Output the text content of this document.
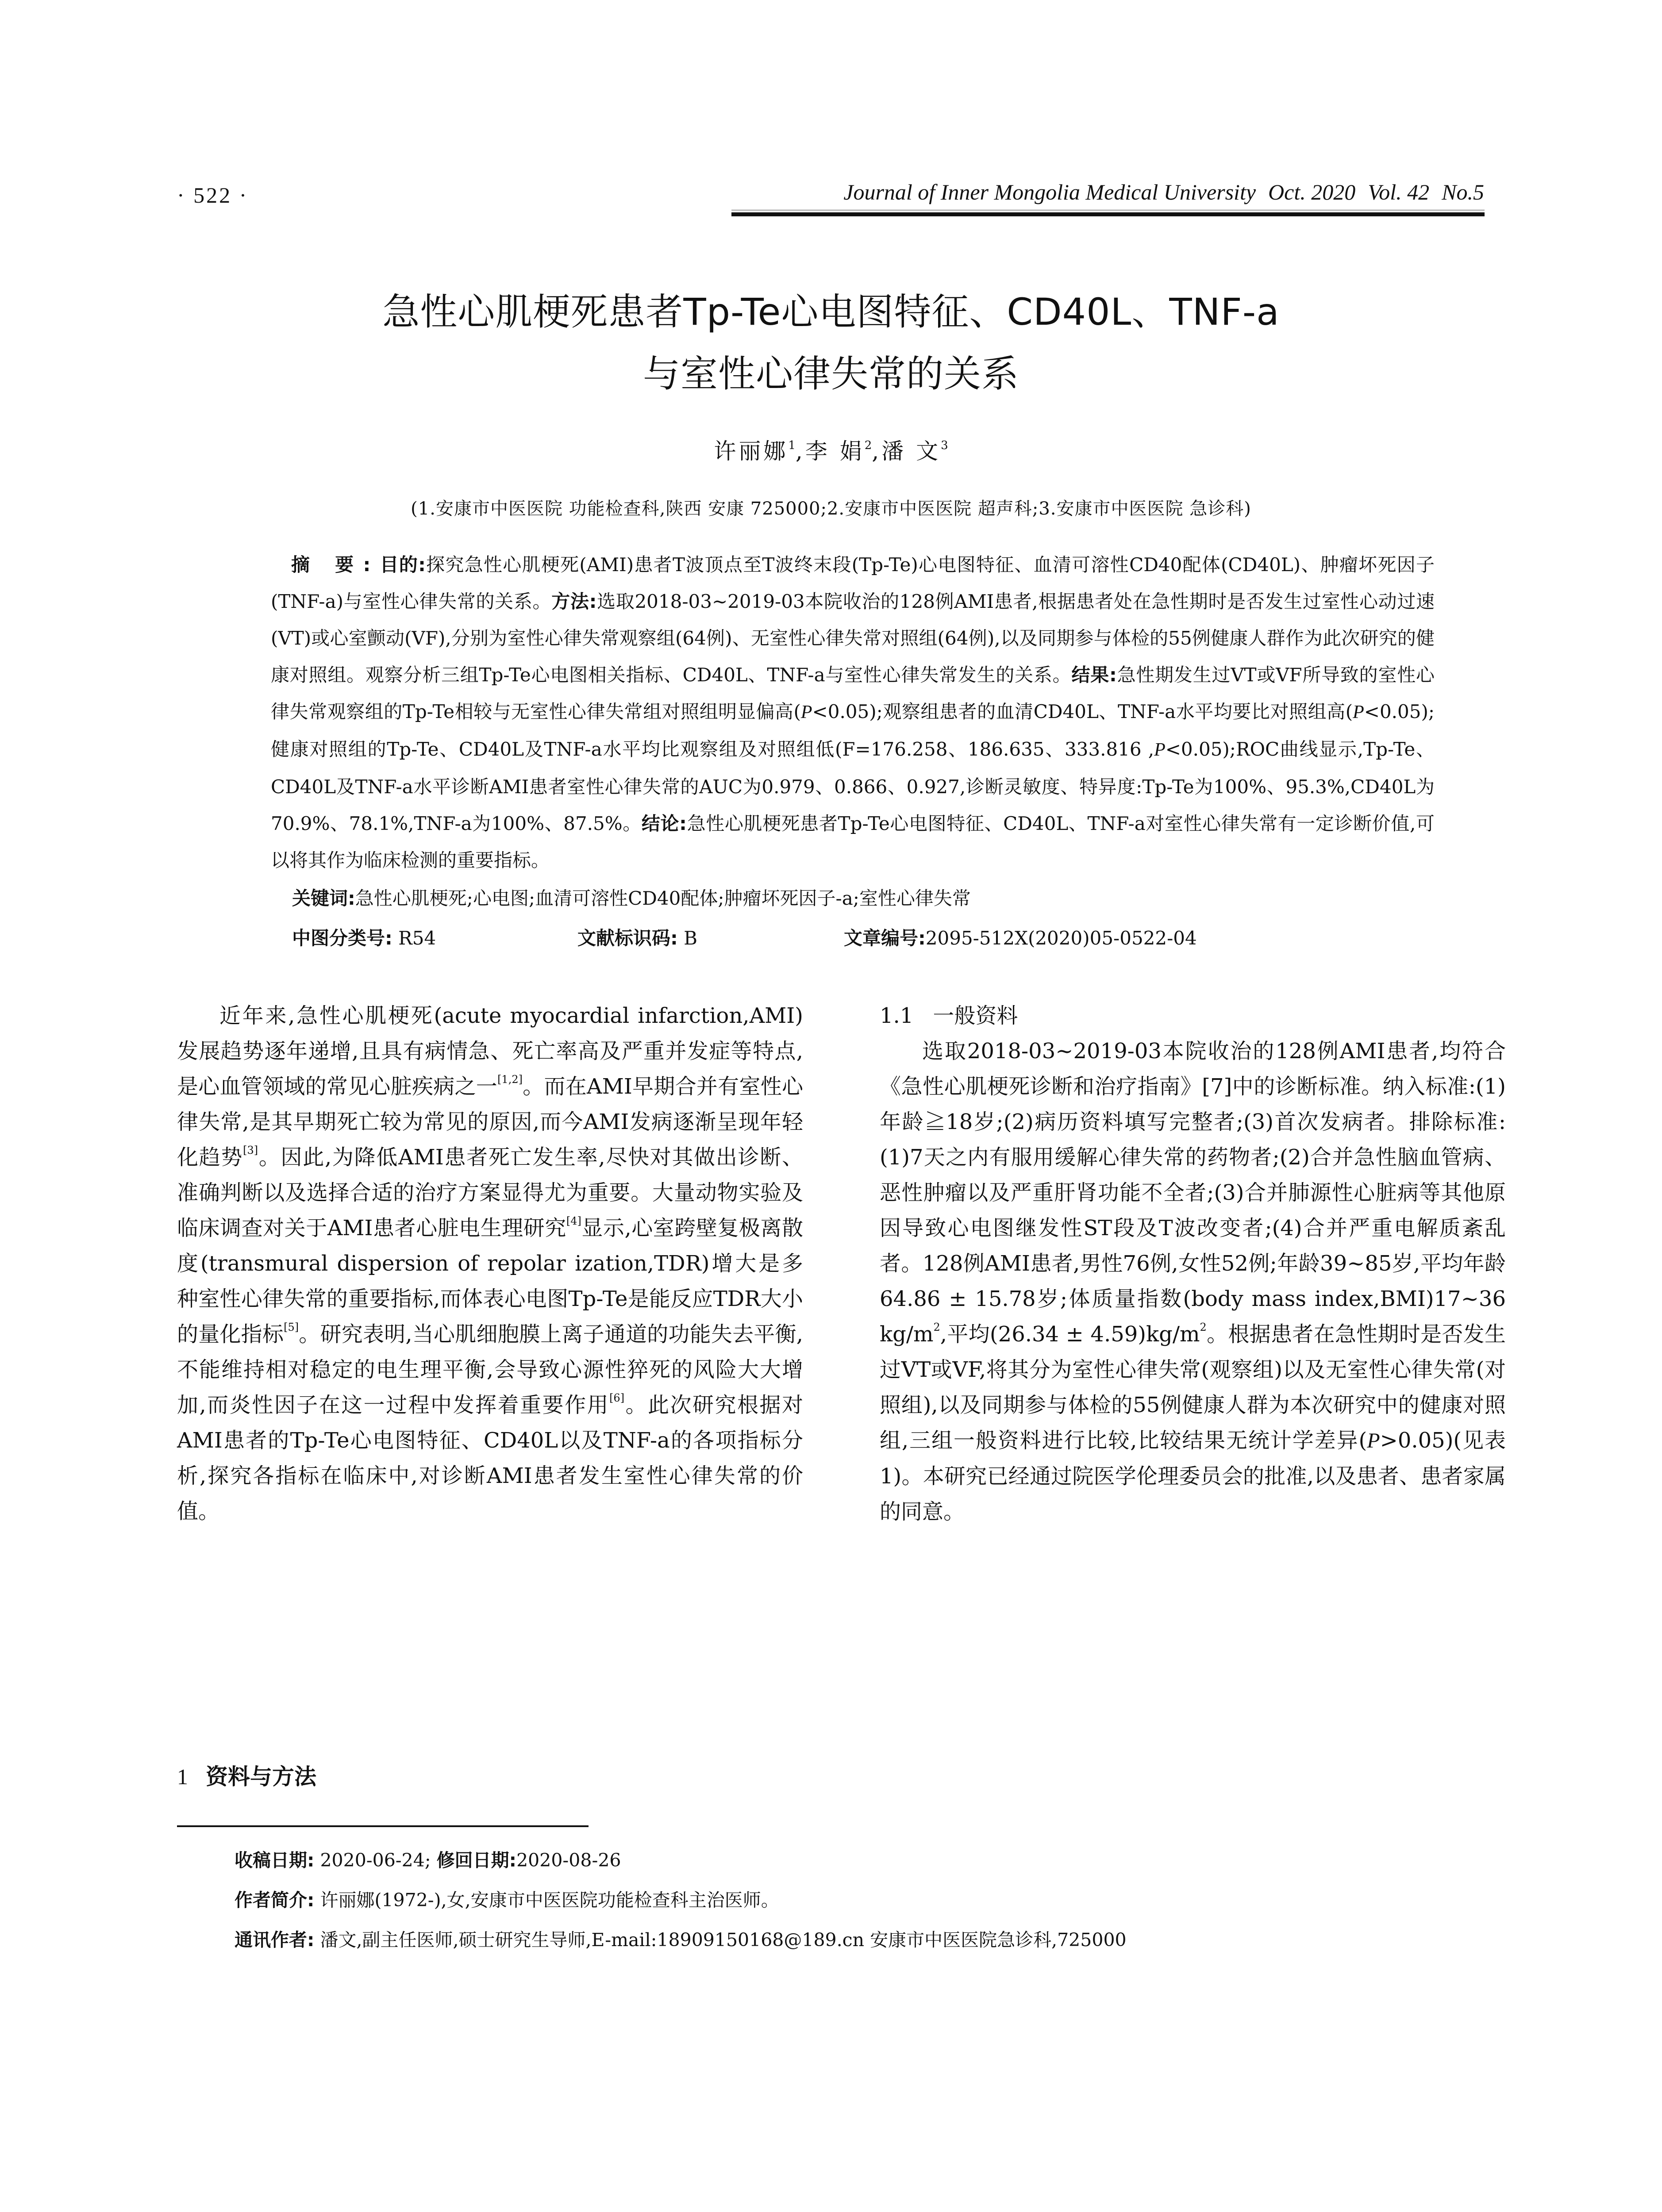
· 522 ·	Journal of Inner Mongolia Medical University Oct. 2020 Vol. 42 No.5
急性心肌梗死患者Tp-Te心电图特征、CD40L、TNF-a
与室性心律失常的关系
许丽娜$^1$,李 娟$^2$,潘 文$^3$
(1.安康市中医医院 功能检查科,陕西 安康 725000;2.安康市中医医院 超声科;3.安康市中医医院 急诊科)
摘 要:目的:探究急性心肌梗死(AMI)患者T波顶点至T波终末段(Tp-Te)心电图特征、血清可溶性CD40配体(CD40L)、肿瘤坏死因子(TNF-a)与室性心律失常的关系。方法:选取2018-03~2019-03本院收治的128例AMI患者,根据患者处在急性期时是否发生过室性心动过速(VT)或心室颤动(VF),分别为室性心律失常观察组(64例)、无室性心律失常对照组(64例),以及同期参与体检的55例健康人群作为此次研究的健康对照组。观察分析三组Tp-Te心电图相关指标、CD40L、TNF-a与室性心律失常发生的关系。结果:急性期发生过VT或VF所导致的室性心律失常观察组的Tp-Te相较与无室性心律失常组对照组明显偏高(P<0.05);观察组患者的血清CD40L、TNF-a水平均要比对照组高(P<0.05);健康对照组的Tp-Te、CD40L及TNF-a水平均比观察组及对照组低(F=176.258、186.635、333.816 ,P<0.05);ROC曲线显示,Tp-Te、CD40L及TNF-a水平诊断AMI患者室性心律失常的AUC为0.979、0.866、0.927,诊断灵敏度、特异度:Tp-Te为100%、95.3%,CD40L为70.9%、78.1%,TNF-a为100%、87.5%。结论:急性心肌梗死患者Tp-Te心电图特征、CD40L、TNF-a对室性心律失常有一定诊断价值,可以将其作为临床检测的重要指标。
关键词:急性心肌梗死;心电图;血清可溶性CD40配体;肿瘤坏死因子-a;室性心律失常
中图分类号: R54	文献标识码: B	文章编号:2095-512X(2020)05-0522-04

近年来,急性心肌梗死(acute myocardial infarction,AMI)发展趋势逐年递增,且具有病情急、死亡率高及严重并发症等特点,是心血管领域的常见心脏疾病之一[1,2]。而在AMI早期合并有室性心律失常,是其早期死亡较为常见的原因,而今AMI发病逐渐呈现年轻化趋势[3]。因此,为降低AMI患者死亡发生率,尽快对其做出诊断、准确判断以及选择合适的治疗方案显得尤为重要。大量动物实验及临床调查对关于AMI患者心脏电生理研究[4]显示,心室跨壁复极离散度(transmural dispersion of repolar ization,TDR)增大是多种室性心律失常的重要指标,而体表心电图Tp-Te是能反应TDR大小的量化指标[5]。研究表明,当心肌细胞膜上离子通道的功能失去平衡,不能维持相对稳定的电生理平衡,会导致心源性猝死的风险大大增加,而炎性因子在这一过程中发挥着重要作用[6]。此次研究根据对AMI患者的Tp-Te心电图特征、CD40L以及TNF-a的各项指标分析,探究各指标在临床中,对诊断AMI患者发生室性心律失常的价值。

1 资料与方法

1.1 一般资料

选取2018-03~2019-03本院收治的128例AMI患者,均符合《急性心肌梗死诊断和治疗指南》[7]中的诊断标准。纳入标准:(1)年龄≧18岁;(2)病历资料填写完整者;(3)首次发病者。排除标准:(1)7天之内有服用缓解心律失常的药物者;(2)合并急性脑血管病、恶性肿瘤以及严重肝肾功能不全者;(3)合并肺源性心脏病等其他原因导致心电图继发性ST段及T波改变者;(4)合并严重电解质紊乱者。128例AMI患者,男性76例,女性52例;年龄39~85岁,平均年龄64.86 ± 15.78岁;体质量指数(body mass index,BMI)17~36 $kg/m^2$,平均$(26.34 \pm 4.59)kg/m^2$。根据患者在急性期时是否发生过VT或VF,将其分为室性心律失常(观察组)以及无室性心律失常(对照组),以及同期参与体检的55例健康人群为本次研究中的健康对照组,三组一般资料进行比较,比较结果无统计学差异(P>0.05)(见表1)。本研究已经通过院医学伦理委员会的批准,以及患者、患者家属的同意。

收稿日期: 2020-06-24; 修回日期:2020-08-26
作者简介: 许丽娜(1972-),女,安康市中医医院功能检查科主治医师。
通讯作者: 潘文,副主任医师,硕士研究生导师,E-mail:18909150168@189.cn 安康市中医医院急诊科,725000
